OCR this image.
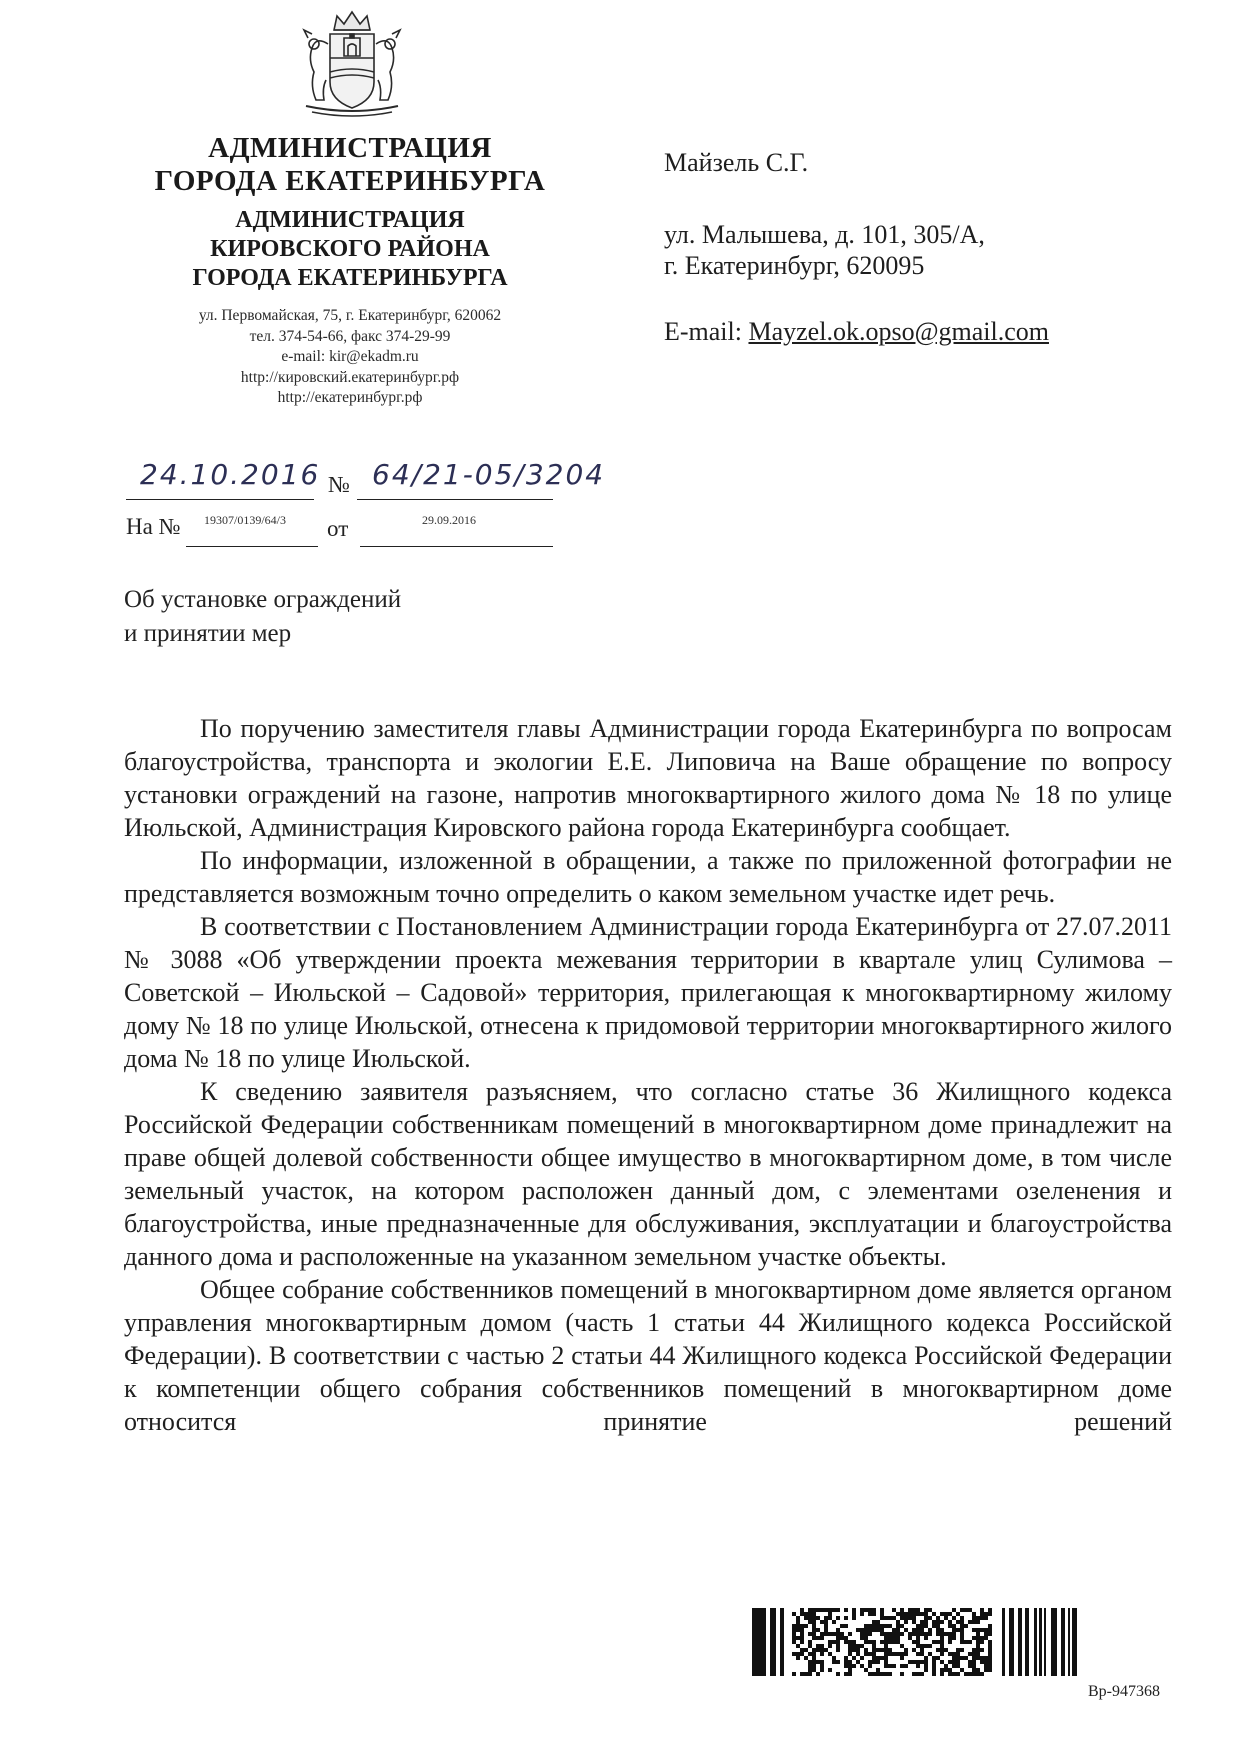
АДМИНИСТРАЦИЯ
ГОРОДА ЕКАТЕРИНБУРГА
АДМИНИСТРАЦИЯ
КИРОВСКОГО РАЙОНА
ГОРОДА ЕКАТЕРИНБУРГА
ул. Первомайская, 75, г. Екатеринбург, 620062
тел. 374-54-66, факс 374-29-99
e-mail: kir@ekadm.ru
http://кировский.екатеринбург.рф
http://екатеринбург.рф
Майзель С.Г.
ул. Малышева, д. 101, 305/А,
г. Екатеринбург, 620095
E-mail: Mayzel.ok.opso@gmail.com
24.10.2016 № 64/21-05/3204
На № 19307/0139/64/3 от	29.09.2016
Об установке ограждений
и принятии мер

По поручению заместителя главы Администрации города Екатеринбурга по вопросам благоустройства, транспорта и экологии Е.Е. Липовича на Ваше обращение по вопросу установки ограждений на газоне, напротив многоквартирного жилого дома № 18 по улице Июльской, Администрация Кировского района города Екатеринбурга сообщает.

По информации, изложенной в обращении, а также по приложенной фотографии не представляется возможным точно определить о каком земельном участке идет речь.

В соответствии с Постановлением Администрации города Екатеринбурга от 27.07.2011 № 3088 «Об утверждении проекта межевания территории в квартале улиц Сулимова – Советской – Июльской – Садовой» территория, прилегающая к многоквартирному жилому дому № 18 по улице Июльской, отнесена к придомовой территории многоквартирного жилого дома № 18 по улице Июльской.

К сведению заявителя разъясняем, что согласно статье 36 Жилищного кодекса Российской Федерации собственникам помещений в многоквартирном доме принадлежит на праве общей долевой собственности общее имущество в многоквартирном доме, в том числе земельный участок, на котором расположен данный дом, с элементами озеленения и благоустройства, иные предназначенные для обслуживания, эксплуатации и благоустройства данного дома и расположенные на указанном земельном участке объекты.

Общее собрание собственников помещений в многоквартирном доме является органом управления многоквартирным домом (часть 1 статьи 44 Жилищного кодекса Российской Федерации). В соответствии с частью 2 статьи 44 Жилищного кодекса Российской Федерации к компетенции общего собрания собственников помещений в многоквартирном доме относится принятие решений

Вр-947368
